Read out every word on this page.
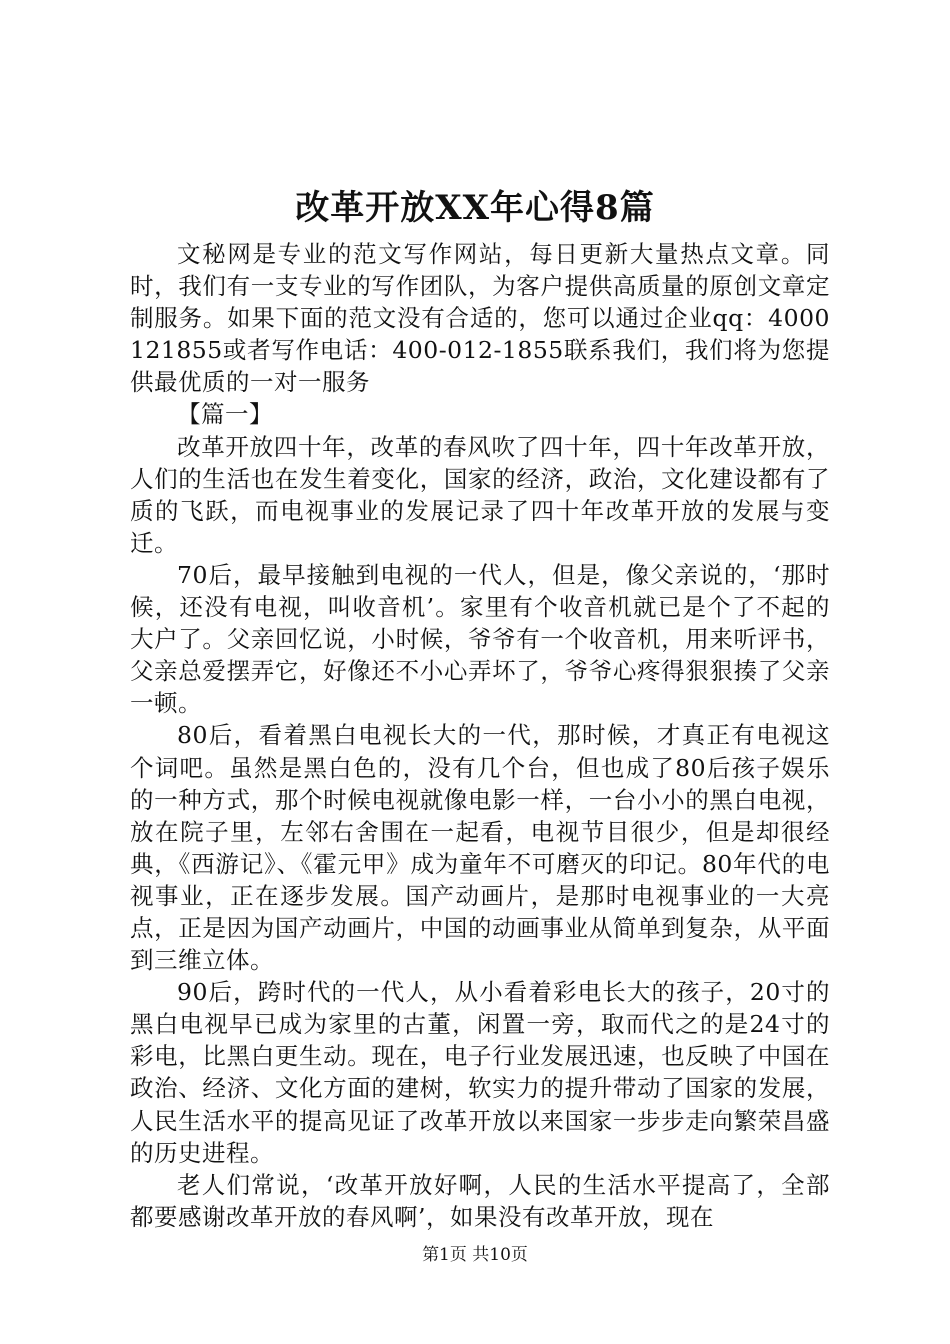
改革开放XX年心得8篇

文秘网是专业的范文写作网站，每日更新大量热点文章。同时，我们有一支专业的写作团队，为客户提供高质量的原创文章定制服务。如果下面的范文没有合适的，您可以通过企业qq：4000121855或者写作电话：400-012-1855联系我们，我们将为您提供最优质的一对一服务

【篇一】

改革开放四十年，改革的春风吹了四十年，四十年改革开放，人们的生活也在发生着变化，国家的经济，政治，文化建设都有了质的飞跃，而电视事业的发展记录了四十年改革开放的发展与变迁。

70后，最早接触到电视的一代人，但是，像父亲说的，‘那时候，还没有电视，叫收音机’。家里有个收音机就已是个了不起的大户了。父亲回忆说，小时候，爷爷有一个收音机，用来听评书，父亲总爱摆弄它，好像还不小心弄坏了，爷爷心疼得狠狠揍了父亲一顿。

80后，看着黑白电视长大的一代，那时候，才真正有电视这个词吧。虽然是黑白色的，没有几个台，但也成了80后孩子娱乐的一种方式，那个时候电视就像电影一样，一台小小的黑白电视，放在院子里，左邻右舍围在一起看，电视节目很少，但是却很经典，《西游记》、《霍元甲》成为童年不可磨灭的印记。80年代的电视事业，正在逐步发展。国产动画片，是那时电视事业的一大亮点，正是因为国产动画片，中国的动画事业从简单到复杂，从平面到三维立体。

90后，跨时代的一代人，从小看着彩电长大的孩子，20寸的黑白电视早已成为家里的古董，闲置一旁，取而代之的是24寸的彩电，比黑白更生动。现在，电子行业发展迅速，也反映了中国在政治、经济、文化方面的建树，软实力的提升带动了国家的发展，人民生活水平的提高见证了改革开放以来国家一步步走向繁荣昌盛的历史进程。

老人们常说，‘改革开放好啊，人民的生活水平提高了，全部都要感谢改革开放的春风啊’，如果没有改革开放，现在

第1页 共10页
